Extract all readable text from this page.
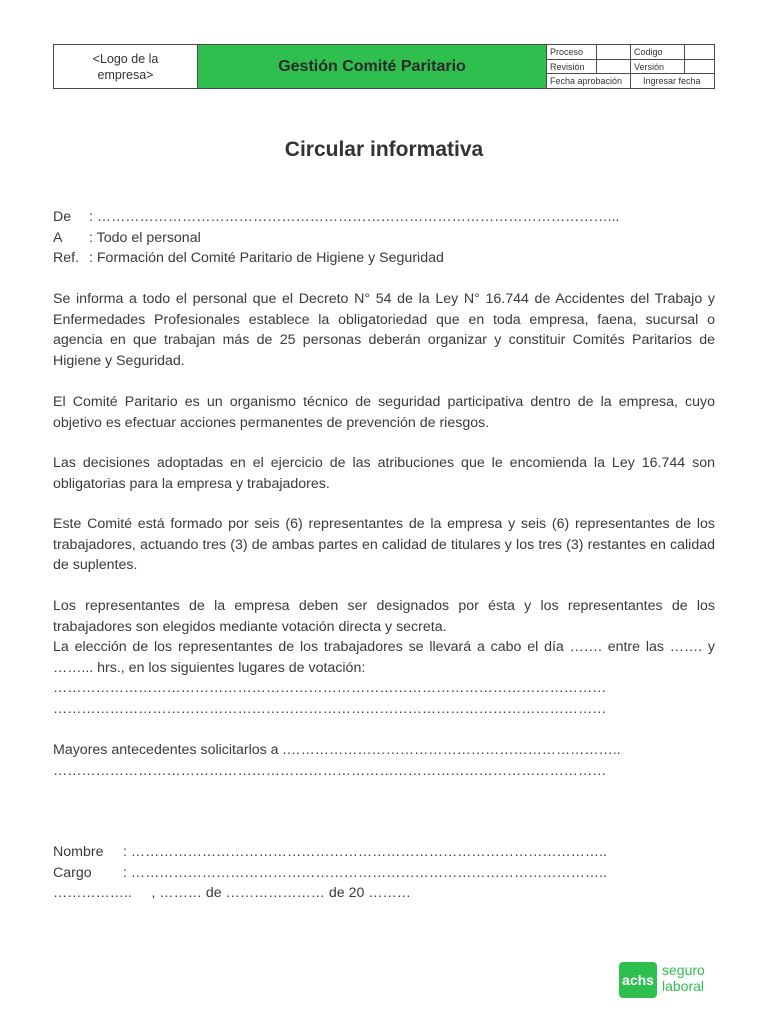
<Logo de la empresa>	Gestión Comité Paritario
Proceso	Codigo
Revisión	Versión
Fecha aprobación	Ingresar fecha
Circular informativa
De	: ………………………………………………………………………………………………...
A	: Todo el personal
Ref. : Formación del Comité Paritario de Higiene y Seguridad

Se informa a todo el personal que el Decreto N° 54 de la Ley N° 16.744 de Accidentes del Trabajo y Enfermedades Profesionales establece la obligatoriedad que en toda empresa, faena, sucursal o agencia en que trabajan más de 25 personas deberán organizar y constituir Comités Paritarios de Higiene y Seguridad.

El Comité Paritario es un organismo técnico de seguridad participativa dentro de la empresa, cuyo objetivo es efectuar acciones permanentes de prevención de riesgos.

Las decisiones adoptadas en el ejercicio de las atribuciones que le encomienda la Ley 16.744 son obligatorias para la empresa y trabajadores.

Este Comité está formado por seis (6) representantes de la empresa y seis (6) representantes de los trabajadores, actuando tres (3) de ambas partes en calidad de titulares y los tres (3) restantes en calidad de suplentes.

Los representantes de la empresa deben ser designados por ésta y los representantes de los trabajadores son elegidos mediante votación directa y secreta.

La elección de los representantes de los trabajadores se llevará a cabo el día ……. entre las ……. y ……... hrs., en los siguientes lugares de votación:

………………………………………………………………………………………………………

………………………………………………………………………………………………………

Mayores antecedentes solicitarlos a .……………………………………………………………..

………………………………………………………………………………………………………

Nombre	: ………………………………………………………………………………………..
Cargo	: ………………………………………………………………………………………..
……………..     , ……… de ………………… de 20 ………
achs
seguro
laboral
